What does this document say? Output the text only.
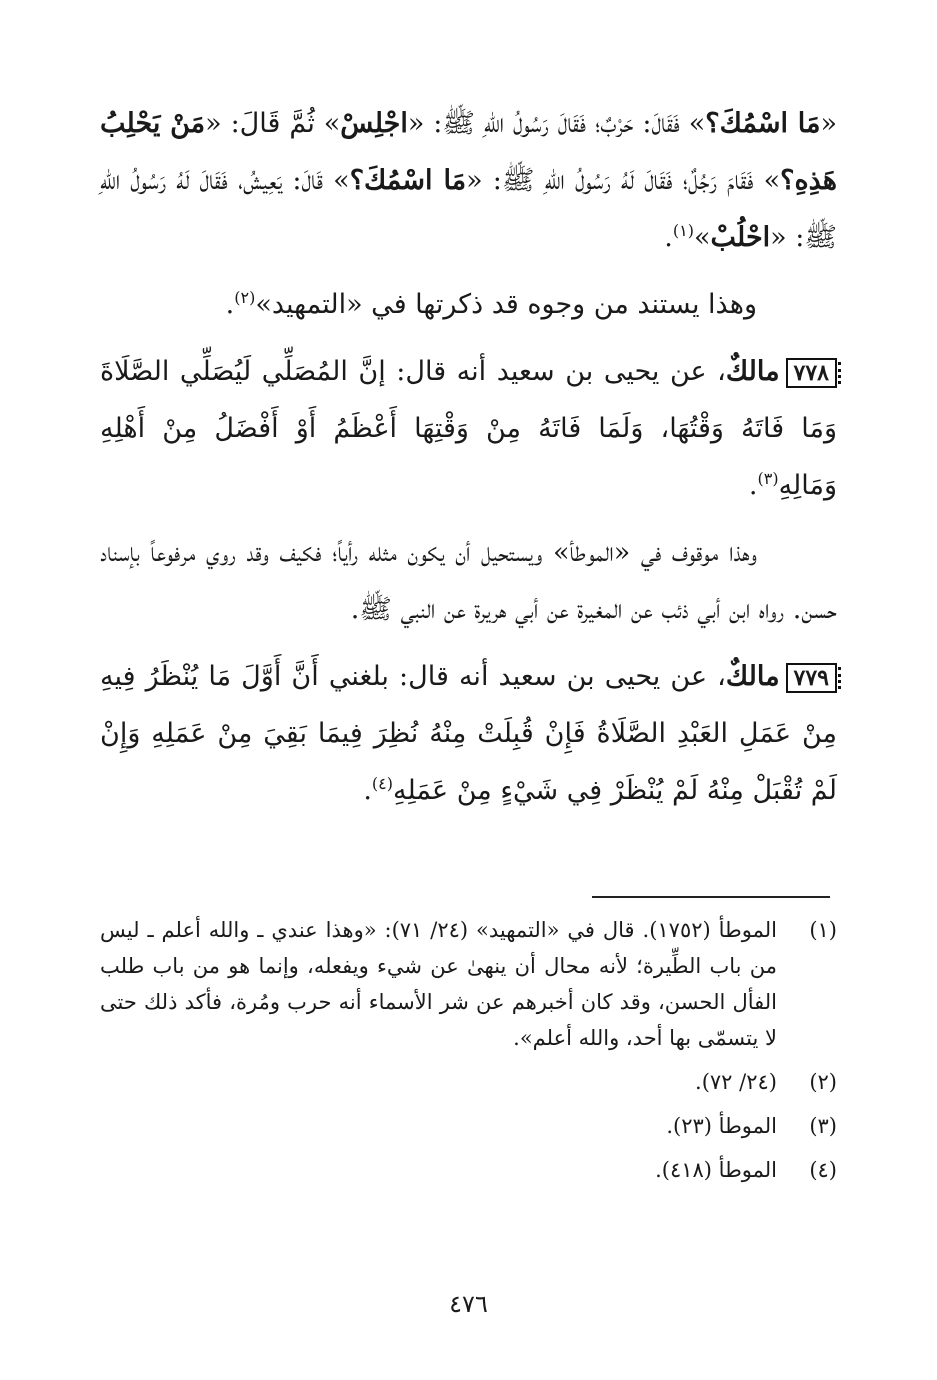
«مَا اسْمُكَ؟» فَقَالَ: حَرْبٌ؛ فَقَالَ رَسُولُ اللهِ ﷺ: «اجْلِسْ» ثُمَّ قَالَ: «مَنْ يَحْلِبُ هَذِهِ؟» فَقَامَ رَجُلٌ؛ فَقَالَ لَهُ رَسُولُ اللهِ ﷺ: «مَا اسْمُكَ؟» قَالَ: يَعِيشُ، فَقَالَ لَهُ رَسُولُ اللهِ ﷺ: «احْلُبْ»$^{(١)}$.

وهذا يستند من وجوه قد ذكرتها في «التمهيد»$^{(٢)}$.

٧٧٨مالكٌ، عن يحيى بن سعيد أنه قال: إنَّ المُصَلِّي لَيُصَلِّي الصَّلَاةَ وَمَا فَاتَهُ وَقْتُهَا، وَلَمَا فَاتَهُ مِنْ وَقْتِهَا أَعْظَمُ أَوْ أَفْضَلُ مِنْ أَهْلِهِ وَمَالِهِ$^{(٣)}$.

وهذا موقوف في «الموطأ» ويستحيل أن يكون مثله رأياً؛ فكيف وقد روي مرفوعاً بإسناد حسن. رواه ابن أبي ذئب عن المغيرة عن أبي هريرة عن النبي ﷺ.

٧٧٩مالكٌ، عن يحيى بن سعيد أنه قال: بلغني أَنَّ أَوَّلَ مَا يُنْظَرُ فِيهِ مِنْ عَمَلِ العَبْدِ الصَّلَاةُ فَإِنْ قُبِلَتْ مِنْهُ نُظِرَ فِيمَا بَقِيَ مِنْ عَمَلِهِ وَإِنْ لَمْ تُقْبَلْ مِنْهُ لَمْ يُنْظَرْ فِي شَيْءٍ مِنْ عَمَلِهِ$^{(٤)}$.

(١)
الموطأ (١٧٥٢). قال في «التمهيد» (٢٤/ ٧١): «وهذا عندي ـ والله أعلم ـ ليس من باب الطِّيرة؛ لأنه محال أن ينهىٰ عن شيء ويفعله، وإنما هو من باب طلب الفأل الحسن، وقد كان أخبرهم عن شر الأسماء أنه حرب ومُرة، فأكد ذلك حتى لا يتسمّى بها أحد، والله أعلم».
(٢)
(٢٤/ ٧٢).
(٣)
الموطأ (٢٣).
(٤)
الموطأ (٤١٨).
٤٧٦
